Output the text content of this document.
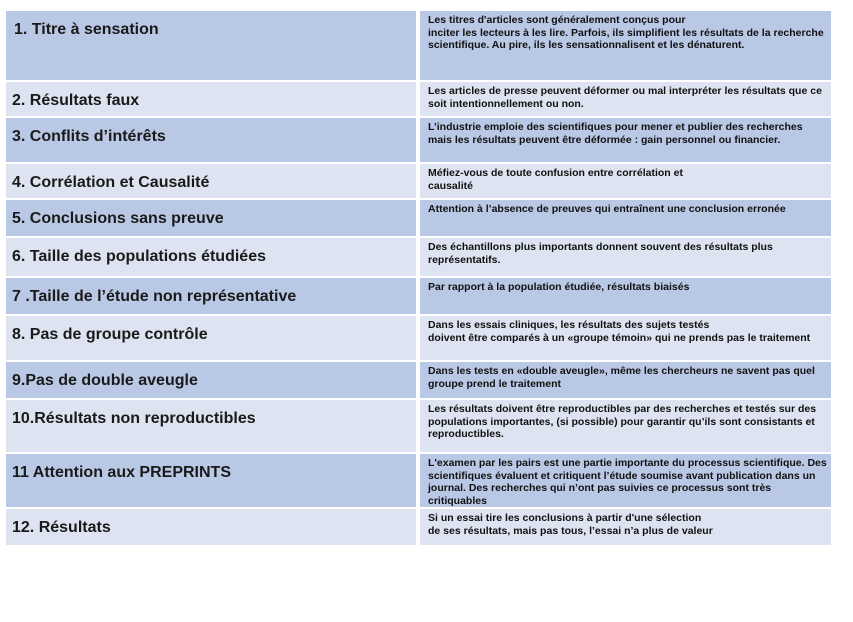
1. Titre à sensation	Les titres d'articles sont généralement conçus pour
inciter les lecteurs à les lire. Parfois, ils simplifient les résultats de la recherche scientifique. Au pire, ils les sensationnalisent et les dénaturent.

2. Résultats faux	Les articles de presse peuvent déformer ou mal interpréter les résultats que ce soit intentionnellement ou non.

3. Conflits d’intérêts	L’industrie emploie des scientifiques pour mener et publier des recherches mais les résultats peuvent être déformée : gain personnel ou financier.

4. Corrélation et Causalité	Méfiez-vous de toute confusion entre corrélation et
causalité

5. Conclusions sans preuve	Attention à l’absence de preuves qui entraînent une conclusion erronée

6. Taille des populations étudiées	Des échantillons plus importants donnent souvent des résultats plus représentatifs.

7 .Taille de l’étude non représentative	Par rapport à la population étudiée, résultats biaisés

8. Pas de groupe contrôle	Dans les essais cliniques, les résultats des sujets testés
doivent être comparés à un «groupe témoin» qui ne prends pas le traitement

9.Pas de double aveugle	Dans les tests en «double aveugle», même les chercheurs ne savent pas quel groupe prend le traitement

10.Résultats non reproductibles	Les résultats doivent être reproductibles par des recherches et testés sur des populations importantes, (si possible) pour garantir qu’ils sont consistants et reproductibles.

11 Attention aux PREPRINTS	L'examen par les pairs est une partie importante du processus scientifique. Des scientifiques évaluent et critiquent l’étude soumise avant publication dans un journal. Des recherches qui n’ont pas suivies ce processus sont très critiquables

12. Résultats	Si un essai tire les conclusions à partir d'une sélection
de ses résultats, mais pas tous, l’essai n’a plus de valeur
